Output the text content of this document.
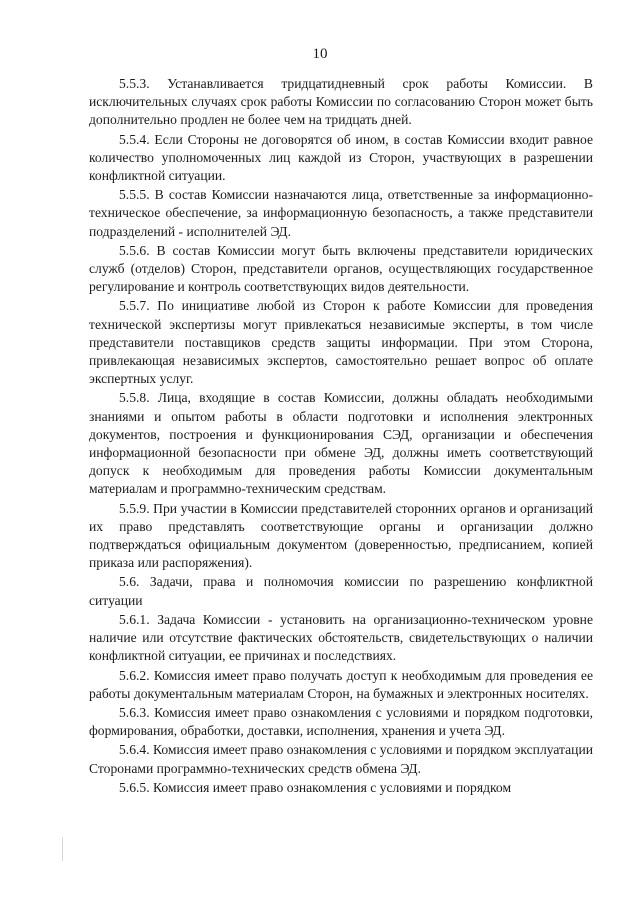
10

5.5.3. Устанавливается тридцатидневный срок работы Комиссии. В исключительных случаях срок работы Комиссии по согласованию Сторон может быть дополнительно продлен не более чем на тридцать дней.

5.5.4. Если Стороны не договорятся об ином, в состав Комиссии входит равное количество уполномоченных лиц каждой из Сторон, участвующих в разрешении конфликтной ситуации.

5.5.5. В состав Комиссии назначаются лица, ответственные за информационно-техническое обеспечение, за информационную безопасность, а также представители подразделений - исполнителей ЭД.

5.5.6. В состав Комиссии могут быть включены представители юридических служб (отделов) Сторон, представители органов, осуществляющих государственное регулирование и контроль соответствующих видов деятельности.

5.5.7. По инициативе любой из Сторон к работе Комиссии для проведения технической экспертизы могут привлекаться независимые эксперты, в том числе представители поставщиков средств защиты информации. При этом Сторона, привлекающая независимых экспертов, самостоятельно решает вопрос об оплате экспертных услуг.

5.5.8. Лица, входящие в состав Комиссии, должны обладать необходимыми знаниями и опытом работы в области подготовки и исполнения электронных документов, построения и функционирования СЭД, организации и обеспечения информационной безопасности при обмене ЭД, должны иметь соответствующий допуск к необходимым для проведения работы Комиссии документальным материалам и программно-техническим средствам.

5.5.9. При участии в Комиссии представителей сторонних органов и организаций их право представлять соответствующие органы и организации должно подтверждаться официальным документом (доверенностью, предписанием, копией приказа или распоряжения).

5.6. Задачи, права и полномочия комиссии по разрешению конфликтной ситуации

5.6.1. Задача Комиссии - установить на организационно-техническом уровне наличие или отсутствие фактических обстоятельств, свидетельствующих о наличии конфликтной ситуации, ее причинах и последствиях.

5.6.2. Комиссия имеет право получать доступ к необходимым для проведения ее работы документальным материалам Сторон, на бумажных и электронных носителях.

5.6.3. Комиссия имеет право ознакомления с условиями и порядком подготовки, формирования, обработки, доставки, исполнения, хранения и учета ЭД.

5.6.4. Комиссия имеет право ознакомления с условиями и порядком эксплуатации Сторонами программно-технических средств обмена ЭД.

5.6.5. Комиссия имеет право ознакомления с условиями и порядком
